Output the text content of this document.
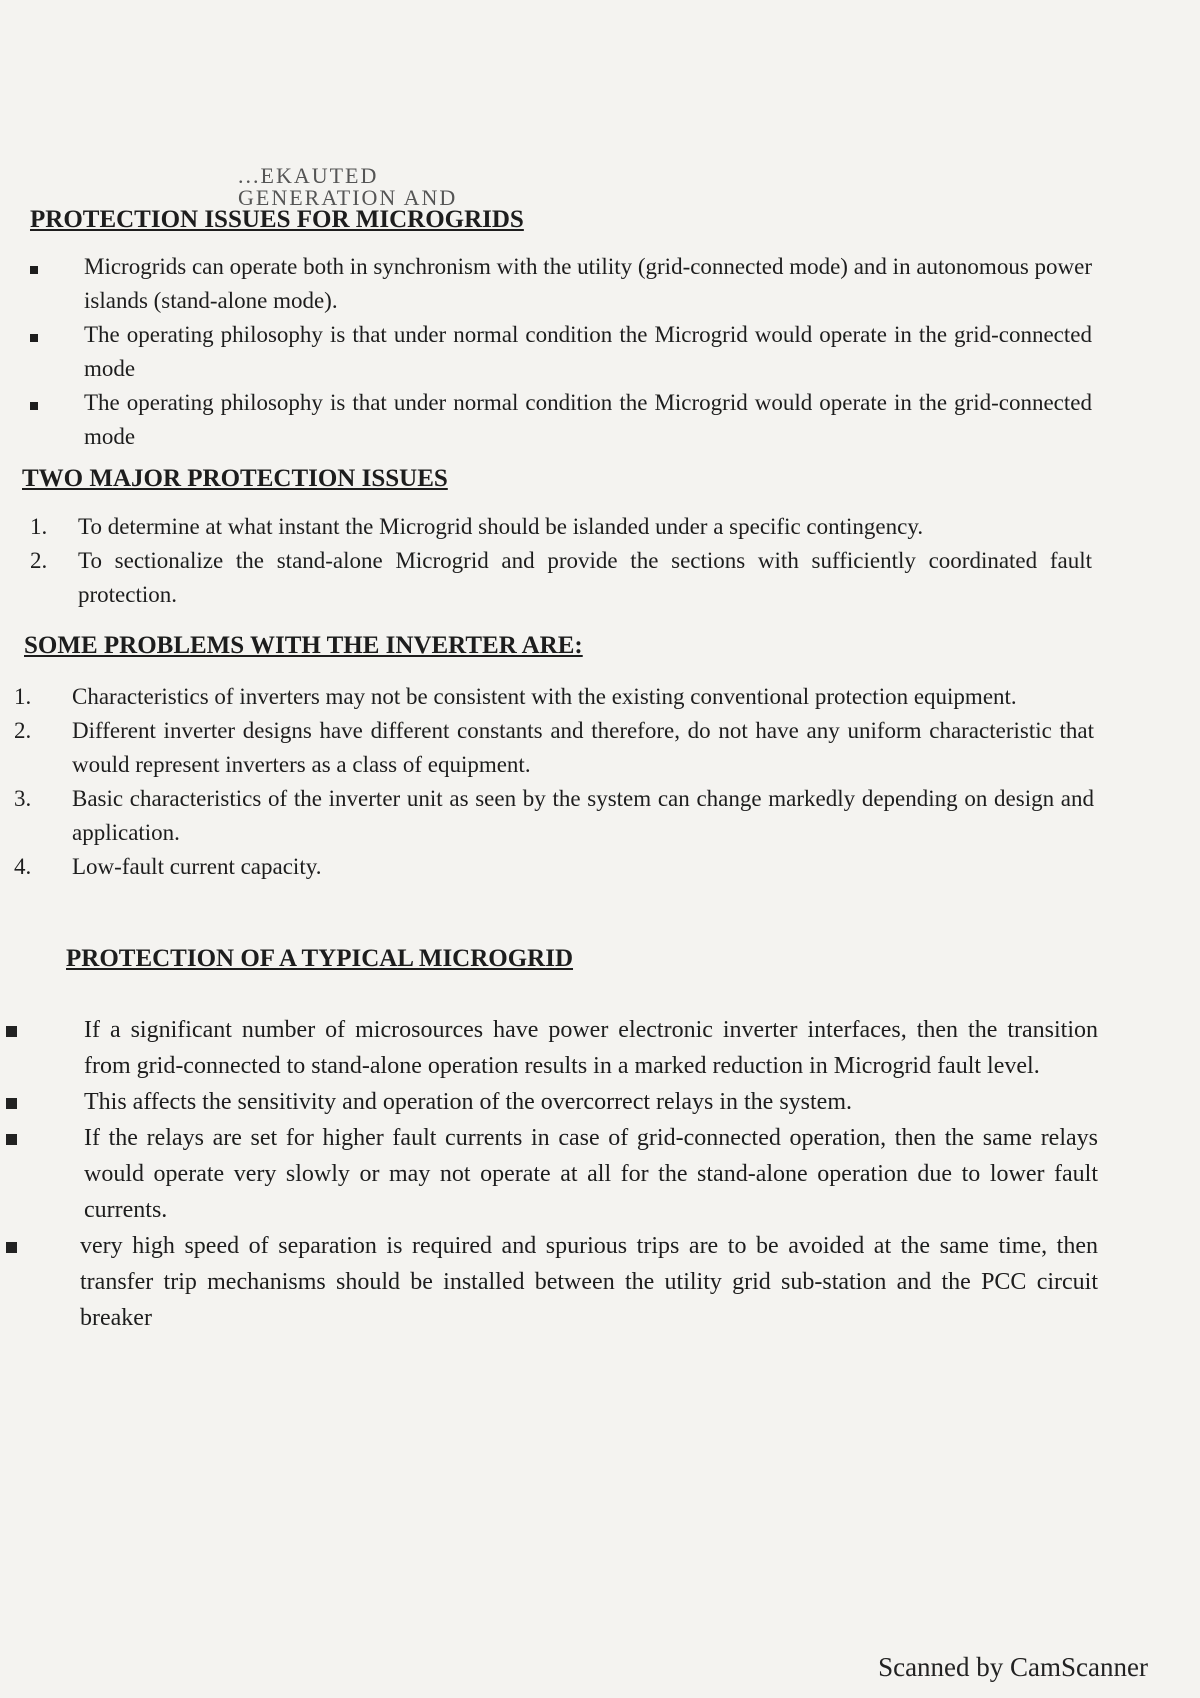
...EKAUTED GENERATION AND
PROTECTION ISSUES FOR MICROGRIDS
Microgrids can operate both in synchronism with the utility (grid-connected mode) and in autonomous power islands (stand-alone mode).
The operating philosophy is that under normal condition the Microgrid would operate in the grid-connected mode
The operating philosophy is that under normal condition the Microgrid would operate in the grid-connected mode
TWO MAJOR PROTECTION ISSUES
1. To determine at what instant the Microgrid should be islanded under a specific contingency.
2. To sectionalize the stand-alone Microgrid and provide the sections with sufficiently coordinated fault protection.
SOME PROBLEMS WITH THE INVERTER ARE:
1. Characteristics of inverters may not be consistent with the existing conventional protection equipment.
2. Different inverter designs have different constants and therefore, do not have any uniform characteristic that would represent inverters as a class of equipment.
3. Basic characteristics of the inverter unit as seen by the system can change markedly depending on design and application.
4. Low-fault current capacity.
PROTECTION OF A TYPICAL MICROGRID
If a significant number of microsources have power electronic inverter interfaces, then the transition from grid-connected to stand-alone operation results in a marked reduction in Microgrid fault level.
This affects the sensitivity and operation of the overcorrect relays in the system.
If the relays are set for higher fault currents in case of grid-connected operation, then the same relays would operate very slowly or may not operate at all for the stand-alone operation due to lower fault currents.
very high speed of separation is required and spurious trips are to be avoided at the same time, then transfer trip mechanisms should be installed between the utility grid sub-station and the PCC circuit breaker
Scanned by CamScanner
